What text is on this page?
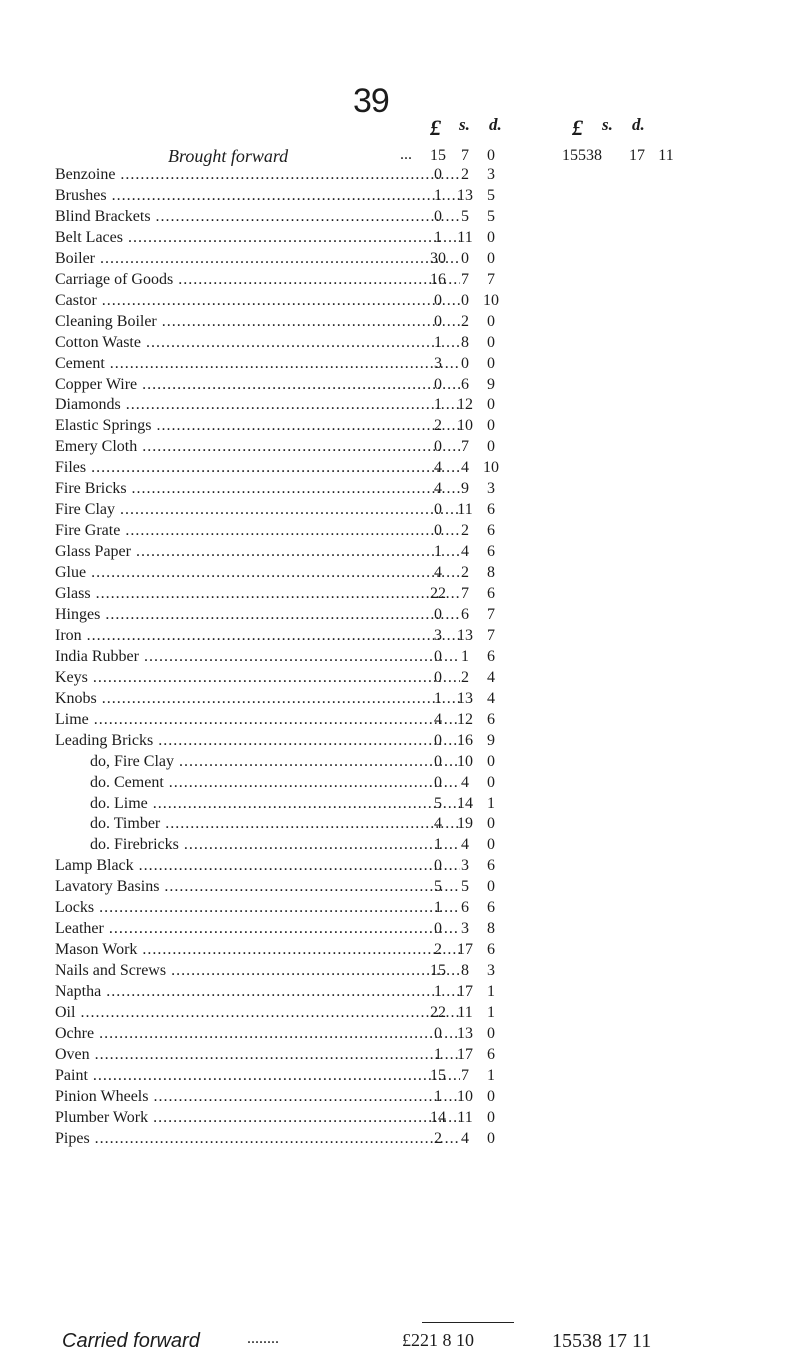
39
£ s. d.	£ s. d.
Brought forward	...	15 7	0	15538	17 11
Benzoine .....	0	2	3
Brushes .....	1 13 5
Blind Brackets .....	0	5	5
Belt Laces .....	1 11 0
Boiler .....	30 0	0
Carriage of Goods .....	16 7	7
Castor .....	0	0 10
Cleaning Boiler .....	0	2	0
Cotton Waste .....	1	8	0
Cement .....	3	0	0
Copper Wire .....	0	6	9
Diamonds .....	1 12 0
Elastic Springs .....	2 10 0
Emery Cloth .....	0	7	0
Files .....	4	4 10
Fire Bricks .....	4	9	3
Fire Clay .....	0 11 6
Fire Grate .....	0	2	6
Glass Paper .....	1	4	6
Glue .....	4	2	8
Glass .....	22 7	6
Hinges .....	0	6	7
Iron .....	3 13 7
India Rubber .....	0	1	6
Keys .....	0	2	4
Knobs .....	1 13 4
Lime .....	4 12 6
Leading Bricks .....	0 16 9
do, Fire Clay .....	0 10 0
do. Cement .....	0	4	0
do. Lime .....	5 14 1
do. Timber .....	4 19 0
do. Firebricks .....	1	4	0
Lamp Black .....	0	3	6
Lavatory Basins .....	5	5	0
Locks .....	1	6	6
Leather .....	0	3	8
Mason Work .....	2 17 6
Nails and Screws .....	15 8	3
Naptha .....	1 17 1
Oil .....	22 11 1
Ochre .....	0 13 0
Oven .....	1 17 6
Paint .....	15 7	1
Pinion Wheels .....	1 10 0
Plumber Work .....	14 11 0
Pipes .....	2	4	0
Carried forward	........	£221 8 10	15538 17 11
